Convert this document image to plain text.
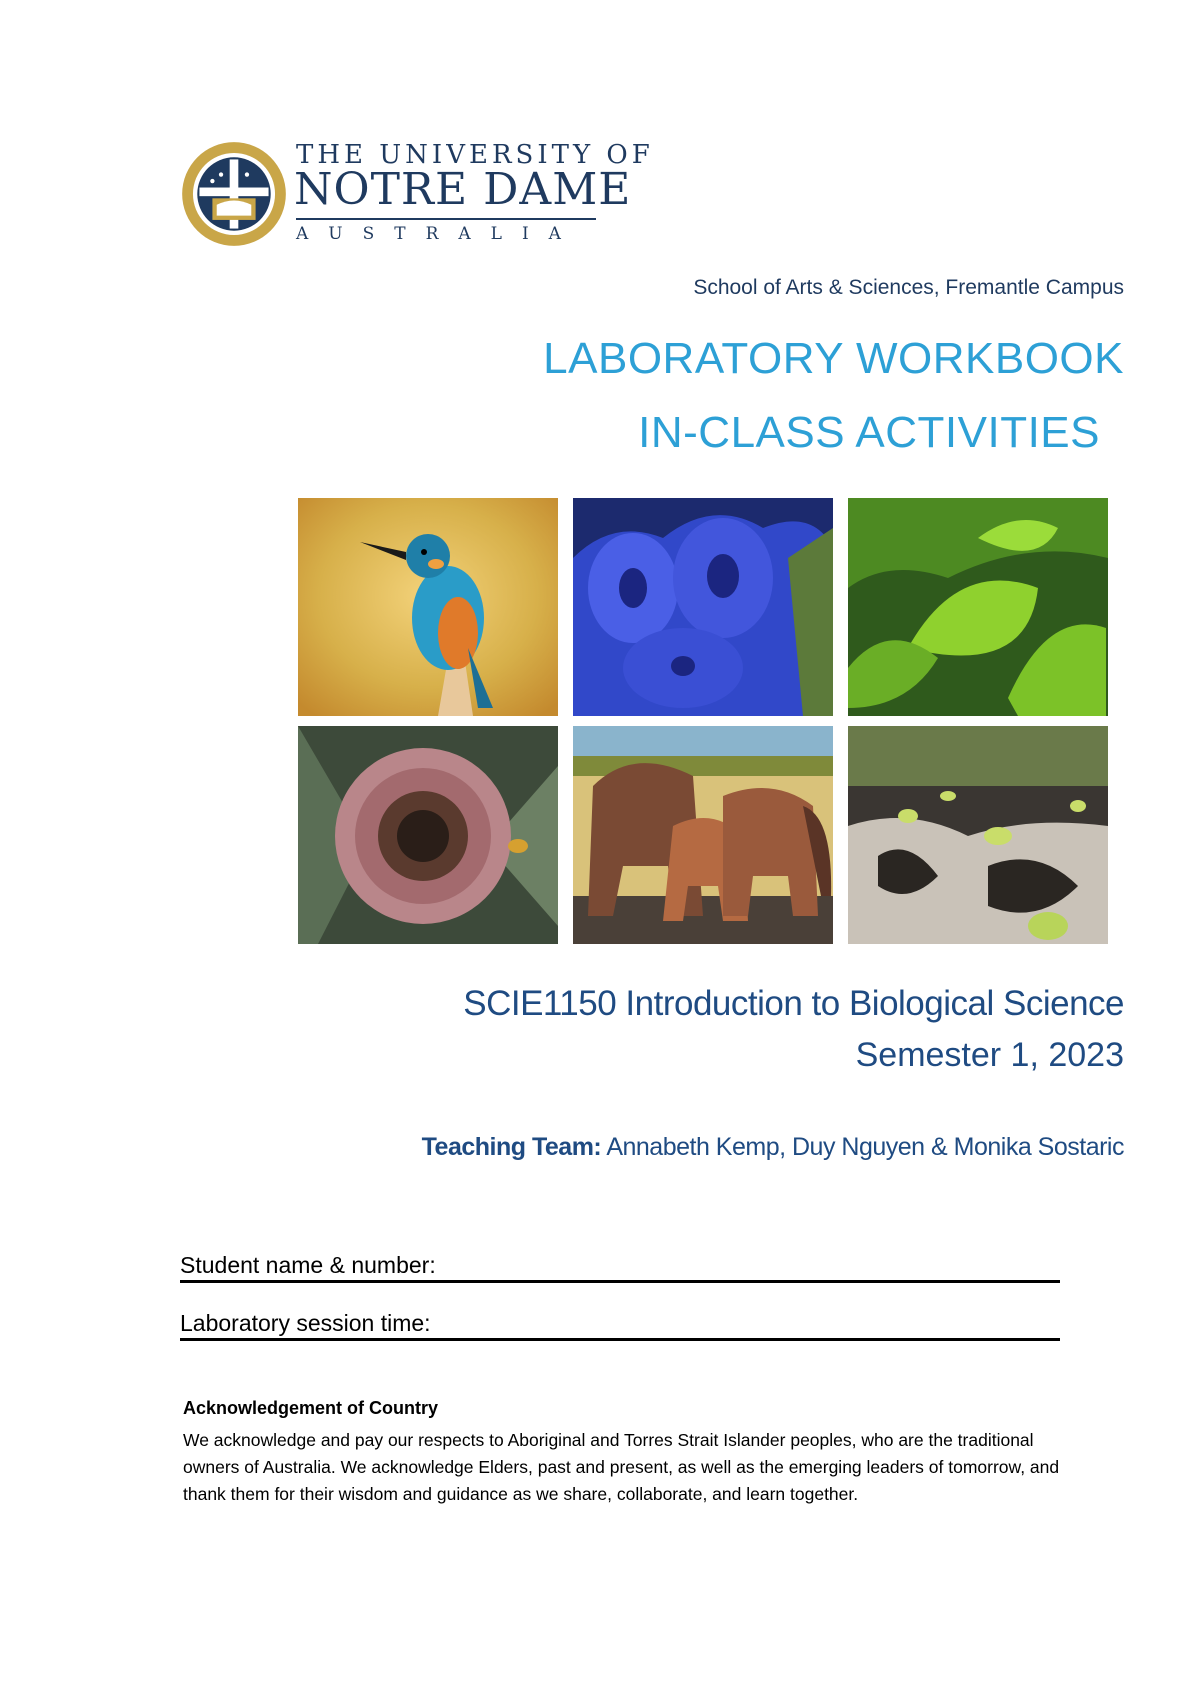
THE UNIVERSITY OF
NOTRE DAME
AUSTRALIA
School of Arts & Sciences, Fremantle Campus
LABORATORY WORKBOOK
IN-CLASS ACTIVITIES
SCIE1150 Introduction to Biological Science
Semester 1, 2023
Teaching Team: Annabeth Kemp, Duy Nguyen & Monika Sostaric
Student name & number:
Laboratory session time:
Acknowledgement of Country
We acknowledge and pay our respects to Aboriginal and Torres Strait Islander peoples, who are the traditional owners of Australia. We acknowledge Elders, past and present, as well as the emerging leaders of tomorrow, and thank them for their wisdom and guidance as we share, collaborate, and learn together.
